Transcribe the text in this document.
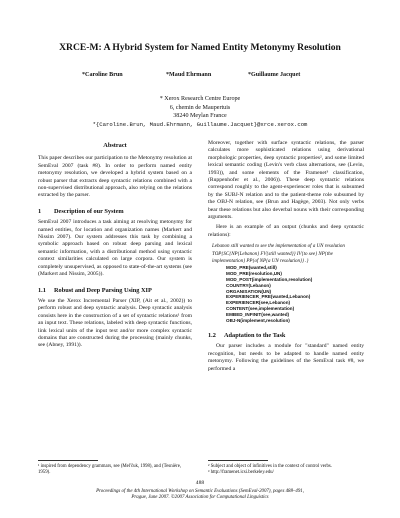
XRCE-M: A Hybrid System for Named Entity Metonymy Resolution
*Caroline Brun	*Maud Ehrmann	*Guillaume Jacquet
* Xerox Research Centre Europe
6, chemin de Maupertuis
38240 Meylan France
*{Caroline.Brun, Maud.Ehrmann, Guillaume.Jacquet}@xrce.xerox.com
Abstract
This paper describes our participation to the Metonymy resolution at SemEval 2007 (task #8). In order to perform named entity metonymy resolution, we developed a hybrid system based on a robust parser that extracts deep syntactic relations combined with a non-supervised distributional approach, also relying on the relations extracted by the parser.
1 Description of our System

SemEval 2007 introduces a task aiming at resolving metonymy for named entities, for location and organization names (Markert and Nissim 2007). Our system addresses this task by combining a symbolic approach based on robust deep parsing and lexical semantic information, with a distributional method using syntactic context similarities calculated on large corpora. Our system is completely unsupervised, as opposed to state-of-the-art systems (see (Markert and Nissim, 2005)).

1.1 Robust and Deep Parsing Using XIP

We use the Xerox Incremental Parser (XIP, (Ait et al., 2002)) to perform robust and deep syntactic analysis. Deep syntactic analysis consists here in the construction of a set of syntactic relations¹ from an input text. These relations, labeled with deep syntactic functions, link lexical units of the input text and/or more complex syntactic domains that are constructed during the processing (mainly chunks, see (Abney, 1991)).

Moreover, together with surface syntactic relations, the parser calculates more sophisticated relations using derivational morphologic properties, deep syntactic properties², and some limited lexical semantic coding (Levin's verb class alternations, see (Levin, 1993)), and some elements of the Framenet³ classification, (Ruppenhofer et al., 2006)). These deep syntactic relations correspond roughly to the agent-experiencer roles that is subsumed by the SUBJ-N relation and to the patient-theme role subsumed by the OBJ-N relation, see (Brun and Hagège, 2003). Not only verbs bear these relations but also deverbal nouns with their corresponding arguments.

Here is an example of an output (chunks and deep syntactic relations):

Lebanon still wanted to see the implementation of a UN resolution
TOP{SC{NP{Lebanon} FV{still wanted}} IV{to see} NP{the implementation} PP{of NP{a UN resolution}} .}
MOD_PRE(wanted,still)
MOD_PRE(resolution,UN)
MOD_POST(implementation,resolution)
COUNTRY(Lebanon)
ORGANISATION(UN)
EXPERIENCER_PRE(wanted,Lebanon)
EXPERIENCER(see,Lebanon)
CONTENT(see,implementation)
EMBED_INFINIT(see,wanted)
OBJ-N(implement,resolution)
1.2 Adaptation to the Task

Our parser includes a module for "standard" named entity recognition, but needs to be adapted to handle named entity metonymy. Following the guidelines of the SemEval task #8, we performed a

¹ inspired from dependency grammars, see (Mel'čuk, 1998), and (Tesnière, 1959).
² Subject and object of infinitives in the context of control verbs.
³ http://framenet.icsi.berkeley.edu/
488
Proceedings of the 4th International Workshop on Semantic Evaluations (SemEval-2007), pages 488–491,
Prague, June 2007. ©2007 Association for Computational Linguistics
